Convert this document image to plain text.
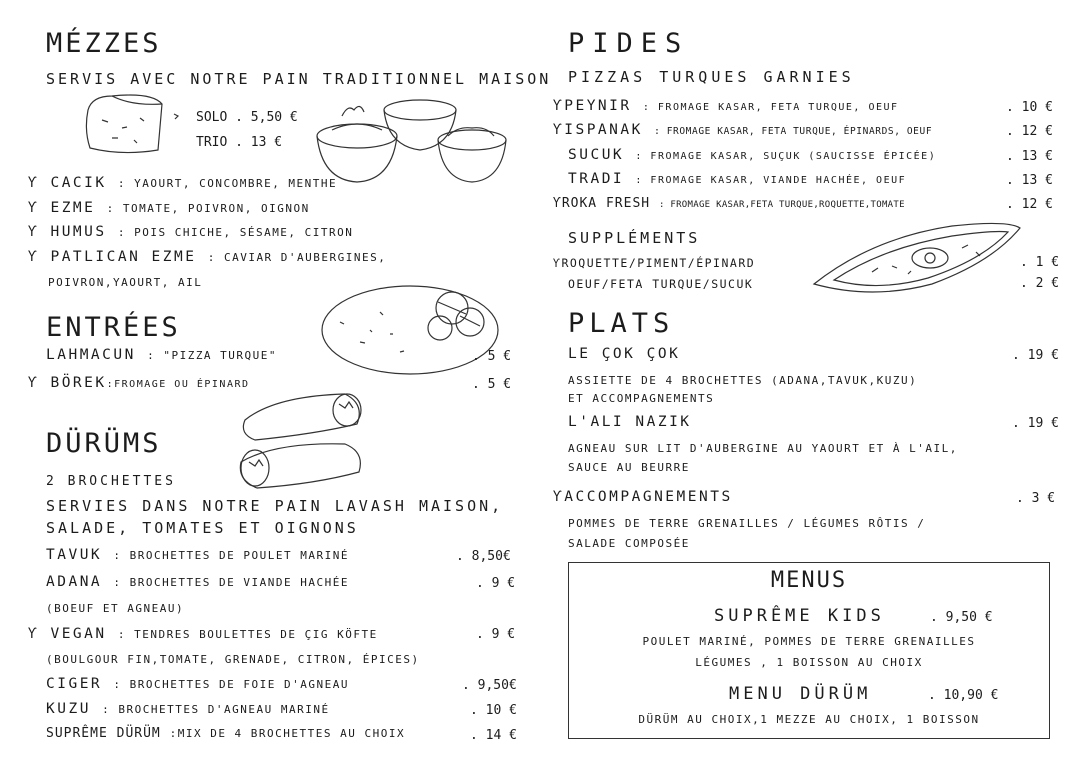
MÉZZES
SERVIS AVEC NOTRE PAIN TRADITIONNEL MAISON
SOLO . 5,50 €
TRIO . 13 €
Ƴ CACIK : YAOURT, CONCOMBRE, MENTHE
Ƴ EZME : TOMATE, POIVRON, OIGNON
Ƴ HUMUS : POIS CHICHE, SÉSAME, CITRON
Ƴ PATLICAN EZME : CAVIAR D'AUBERGINES,
POIVRON,YAOURT, AIL
ENTRÉES
LAHMACUN : "PIZZA TURQUE"	. 5 €
Ƴ BÖREK:FROMAGE OU ÉPINARD	. 5 €
DÜRÜMS
2 BROCHETTES
SERVIES DANS NOTRE PAIN LAVASH MAISON,
SALADE, TOMATES ET OIGNONS
TAVUK : BROCHETTES DE POULET MARINÉ	. 8,50€
ADANA : BROCHETTES DE VIANDE HACHÉE	. 9 €
(BOEUF ET AGNEAU)
Ƴ VEGAN : TENDRES BOULETTES DE ÇIG KÖFTE	. 9 €
(BOULGOUR FIN,TOMATE, GRENADE, CITRON, ÉPICES)
CIGER : BROCHETTES DE FOIE D'AGNEAU	. 9,50€
KUZU : BROCHETTES D'AGNEAU MARINÉ	. 10 €
SUPRÊME DÜRÜM :MIX DE 4 BROCHETTES AU CHOIX	. 14 €
PIDES
PIZZAS TURQUES GARNIES
ƳPEYNIR : FROMAGE KASAR, FETA TURQUE, OEUF	. 10 €
ƳISPANAK : FROMAGE KASAR, FETA TURQUE, ÉPINARDS, OEUF	. 12 €
SUCUK : FROMAGE KASAR, SUÇUK (SAUCISSE ÉPICÉE)	. 13 €
TRADI : FROMAGE KASAR, VIANDE HACHÉE, OEUF	. 13 €
ƳROKA FRESH : FROMAGE KASAR,FETA TURQUE,ROQUETTE,TOMATE	. 12 €
SUPPLÉMENTS
ƳROQUETTE/PIMENT/ÉPINARD	. 1 €
OEUF/FETA TURQUE/SUCUK	. 2 €
PLATS
LE ÇOK ÇOK	. 19 €
ASSIETTE DE 4 BROCHETTES (ADANA,TAVUK,KUZU)
ET ACCOMPAGNEMENTS
L'ALI NAZIK	. 19 €
AGNEAU SUR LIT D'AUBERGINE AU YAOURT ET À L'AIL,
SAUCE AU BEURRE
ƳACCOMPAGNEMENTS	. 3 €
POMMES DE TERRE GRENAILLES / LÉGUMES RÔTIS /
SALADE COMPOSÉE
MENUS
SUPRÊME KIDS	. 9,50 €
POULET MARINÉ, POMMES DE TERRE GRENAILLES
LÉGUMES , 1 BOISSON AU CHOIX
MENU DÜRÜM	. 10,90 €
DÜRÜM AU CHOIX,1 MEZZE AU CHOIX, 1 BOISSON
